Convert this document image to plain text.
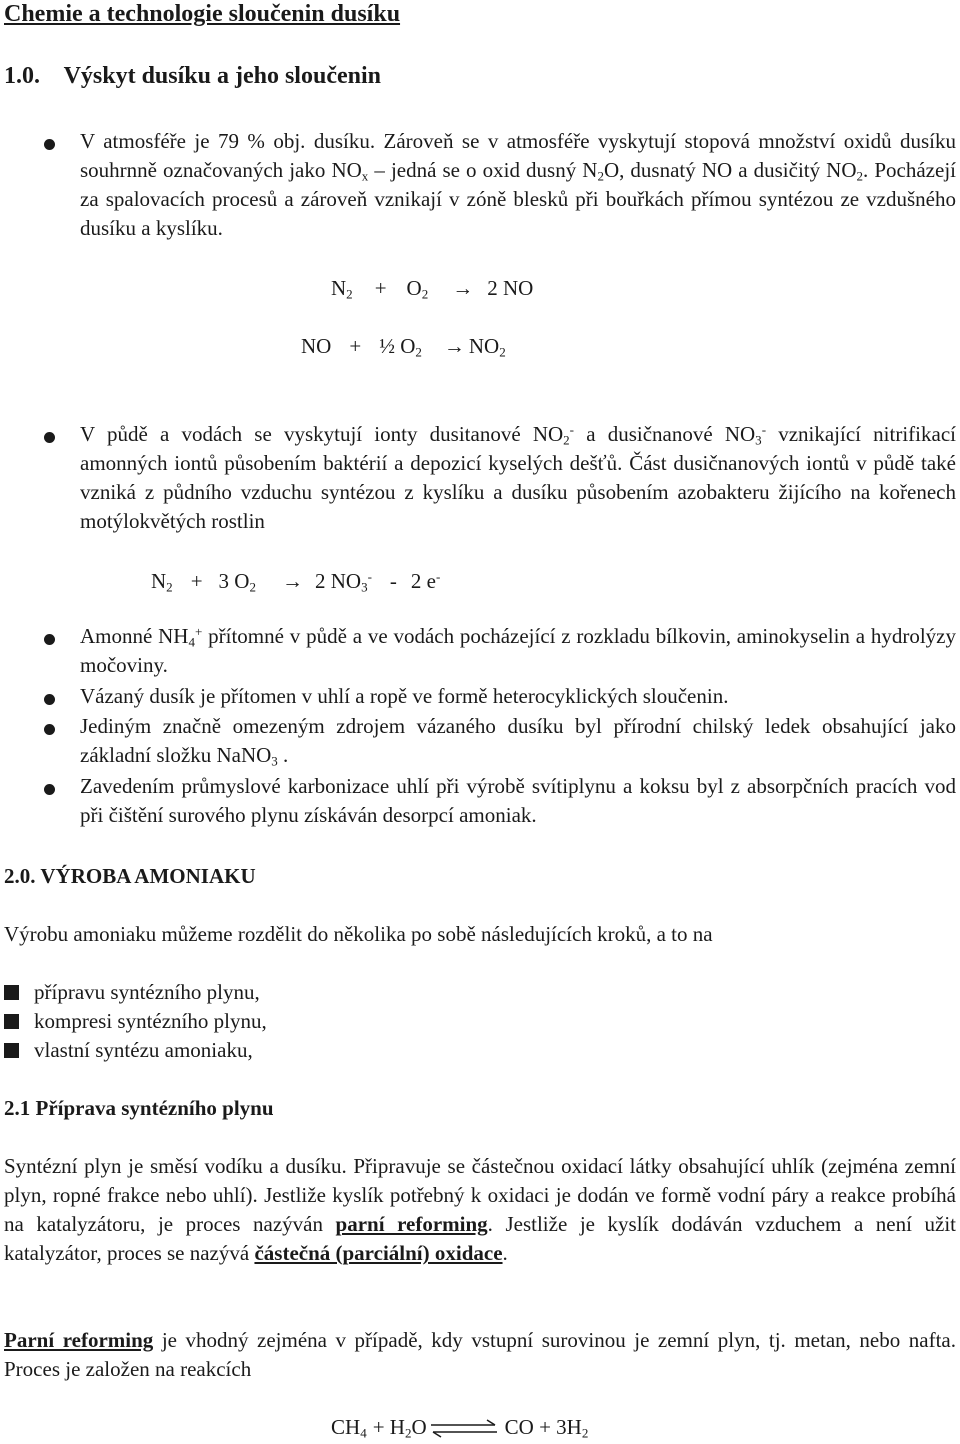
Chemie a technologie sloučenin dusíku
1.0.    Výskyt dusíku a jeho sloučenin
V atmosféře je 79 % obj. dusíku. Zároveň se v atmosféře vyskytují stopová množství oxidů dusíku souhrnně označovaných jako $NO_x$ – jedná se o oxid dusný $N_2O$, dusnatý NO a dusičitý $NO_2$. Pocházejí za spalovacích procesů a zároveň vznikají v zóně blesků při bouřkách přímou syntézou ze vzdušného dusíku a kyslíku.
$N_2 + O_2 \to 2$ NO
NO + ½ $O_2 \to NO_2$
V půdě a vodách se vyskytují ionty dusitanové $NO_2^-$ a dusičnanové $NO_3^-$ vznikající nitrifikací amonných iontů působením baktérií a depozicí kyselých dešťů. Část dusičnanových iontů v půdě také vzniká z půdního vzduchu syntézou z kyslíku a dusíku působením azobakteru žijícího na kořenech motýlokvětých rostlin
$N_2 + 3$ $O_2 \to 2$ $NO_3^- - 2$ e-
Amonné $NH_4^+$ přítomné v půdě a ve vodách pocházející z rozkladu bílkovin, aminokyselin a hydrolýzy močoviny.
Vázaný dusík je přítomen v uhlí a ropě ve formě heterocyklických sloučenin.
Jediným značně omezeným zdrojem vázaného dusíku byl přírodní chilský ledek obsahující jako základní složku NaNO$_3$ .
Zavedením průmyslové karbonizace uhlí při výrobě svítiplynu a koksu byl z absorpčních pracích vod při čištění surového plynu získáván desorpcí amoniak.
2.0. VÝROBA AMONIAKU
Výrobu amoniaku můžeme rozdělit do několika po sobě následujících kroků, a to na
přípravu syntézního plynu,
kompresi syntézního plynu,
vlastní syntézu amoniaku,
2.1 Příprava syntézního plynu
Syntézní plyn je směsí vodíku a dusíku. Připravuje se částečnou oxidací látky obsahující uhlík (zejména zemní plyn, ropné frakce nebo uhlí). Jestliže kyslík potřebný k oxidaci je dodán ve formě vodní páry a reakce probíhá na katalyzátoru, je proces nazýván parní reforming. Jestliže je kyslík dodáván vzduchem a není užit katalyzátor, proces se nazývá částečná (parciální) oxidace.
Parní reforming je vhodný zejména v případě, kdy vstupní surovinou je zemní plyn, tj. metan, nebo nafta. Proces je založen na reakcích
$CH_4 + H_2O$ ⇌ CO + $3H_2$
